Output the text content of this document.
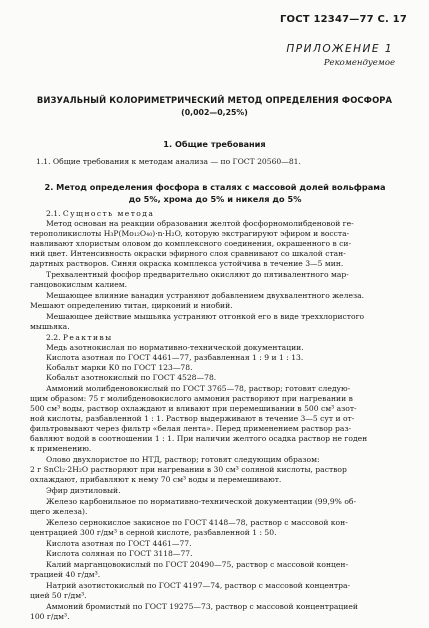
ГОСТ 12347—77 С. 17
ПРИЛОЖЕНИЕ 1
Рекомендуемое
ВИЗУАЛЬНЫЙ КОЛОРИМЕТРИЧЕСКИЙ МЕТОД ОПРЕДЕЛЕНИЯ ФОСФОРА
(0,002—0,25%)
1. Общие требования
1.1. Общие требования к методам анализа — по ГОСТ 20560—81.
2. Метод определения фосфора в сталях с массовой долей вольфрама
до 5%, хрома до 5% и никеля до 5%
2.1. Сущность метода
Метод основан на реакции образования желтой фосфорномолибденовой ге-
терополикислоты H₃P(Mo₁₂O₄₀)·n·H₂O, которую экстрагируют эфиром и восста-
навливают хлористым оловом до комплексного соединения, окрашенного в си-
ний цвет. Интенсивность окраски эфирного слоя сравнивают со шкалой стан-
дартных растворов. Синяя окраска комплекса устойчива в течение 3—5 мин.
Трехвалентный фосфор предварительно окисляют до пятивалентного мар-
ганцовокислым калием.
Мешающее влияние ванадия устраняют добавлением двухвалентного железа.
Мешают определению титан, цирконий и ниобий.
Мешающее действие мышьяка устраняют отгонкой его в виде треххлористого
мышьяка.
2.2. Реактивы
Медь азотнокислая по нормативно-технической документации.
Кислота азотная по ГОСТ 4461—77, разбавленная 1 : 9 и 1 : 13.
Кобальт марки К0 по ГОСТ 123—78.
Кобальт азотнокислый по ГОСТ 4528—78.
Аммоний молибденовокислый по ГОСТ 3765—78, раствор; готовят следую-
щим образом: 75 г молибденовокислого аммония растворяют при нагревании в
500 см³ воды, раствор охлаждают и вливают при перемешивании в 500 см³ азот-
ной кислоты, разбавленной 1 : 1. Раствор выдерживают в течение 3—5 сут и от-
фильтровывают через фильтр «белая лента». Перед применением раствор раз-
бавляют водой в соотношении 1 : 1. При наличии желтого осадка раствор не годен
к применению.
Олово двухлористое по НТД, раствор; готовят следующим образом:
2 г SnCl₂·2H₂O растворяют при нагревании в 30 см³ соляной кислоты, раствор
охлаждают, прибавляют к нему 70 см³ воды и перемешивают.
Эфир диэтиловый.
Железо карбонильное по нормативно-технической документации (99,9% об-
щего железа).
Железо сернокислое закисное по ГОСТ 4148—78, раствор с массовой кон-
центрацией 300 г/дм³ в серной кислоте, разбавленной 1 : 50.
Кислота азотная по ГОСТ 4461—77.
Кислота соляная по ГОСТ 3118—77.
Калий марганцовокислый по ГОСТ 20490—75, раствор с массовой концен-
трацией 40 г/дм³.
Натрий азотистокислый по ГОСТ 4197—74, раствор с массовой концентра-
цией 50 г/дм³.
Аммоний бромистый по ГОСТ 19275—73, раствор с массовой концентрацией
100 г/дм³.
